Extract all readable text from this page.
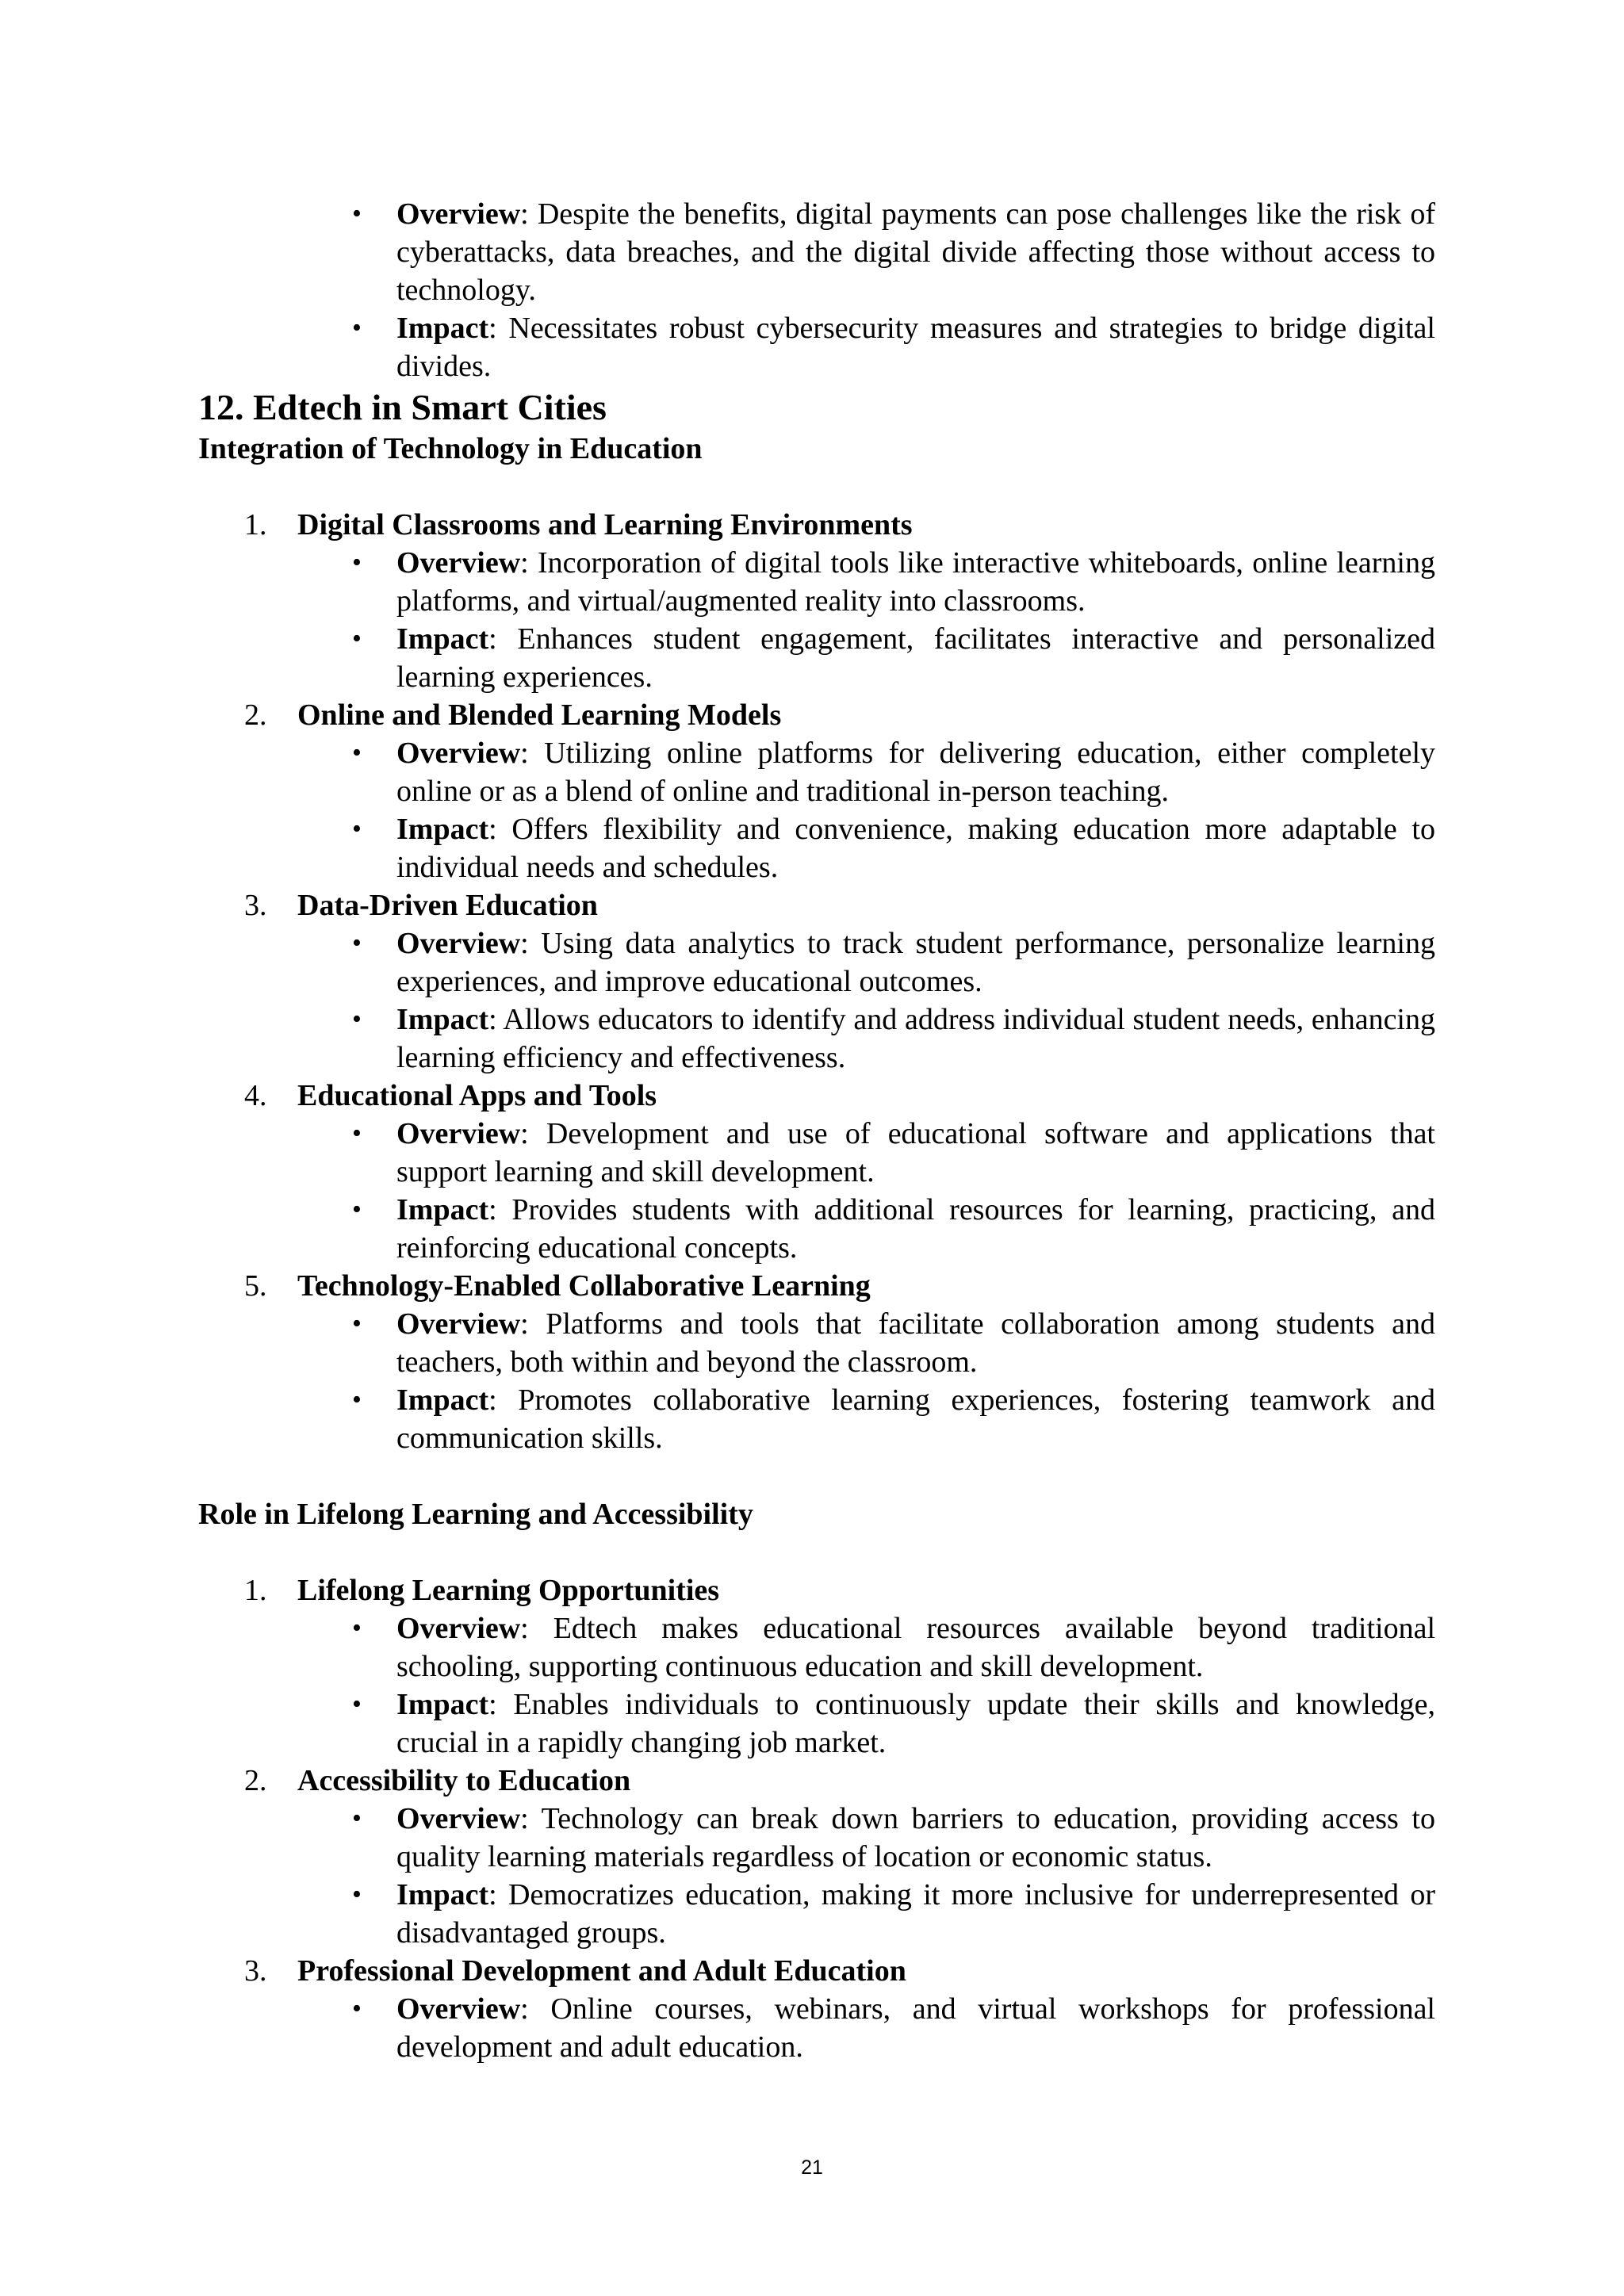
•	Overview: Despite the benefits, digital payments can pose challenges like the risk of cyberattacks, data breaches, and the digital divide affecting those without access to technology.
•	Impact: Necessitates robust cybersecurity measures and strategies to bridge digital divides.
12. Edtech in Smart Cities
Integration of Technology in Education
1. Digital Classrooms and Learning Environments
•	Overview: Incorporation of digital tools like interactive whiteboards, online learning platforms, and virtual/augmented reality into classrooms.
•	Impact: Enhances student engagement, facilitates interactive and personalized learning experiences.
2. Online and Blended Learning Models
•	Overview: Utilizing online platforms for delivering education, either completely online or as a blend of online and traditional in-person teaching.
•	Impact: Offers flexibility and convenience, making education more adaptable to individual needs and schedules.
3. Data-Driven Education
•	Overview: Using data analytics to track student performance, personalize learning experiences, and improve educational outcomes.
•	Impact: Allows educators to identify and address individual student needs, enhancing learning efficiency and effectiveness.
4. Educational Apps and Tools
•	Overview: Development and use of educational software and applications that support learning and skill development.
•	Impact: Provides students with additional resources for learning, practicing, and reinforcing educational concepts.
5. Technology-Enabled Collaborative Learning
•	Overview: Platforms and tools that facilitate collaboration among students and teachers, both within and beyond the classroom.
•	Impact: Promotes collaborative learning experiences, fostering teamwork and communication skills.
Role in Lifelong Learning and Accessibility
1. Lifelong Learning Opportunities
•	Overview: Edtech makes educational resources available beyond traditional schooling, supporting continuous education and skill development.
•	Impact: Enables individuals to continuously update their skills and knowledge, crucial in a rapidly changing job market.
2. Accessibility to Education
•	Overview: Technology can break down barriers to education, providing access to quality learning materials regardless of location or economic status.
•	Impact: Democratizes education, making it more inclusive for underrepresented or disadvantaged groups.
3. Professional Development and Adult Education
•	Overview: Online courses, webinars, and virtual workshops for professional development and adult education.
21
